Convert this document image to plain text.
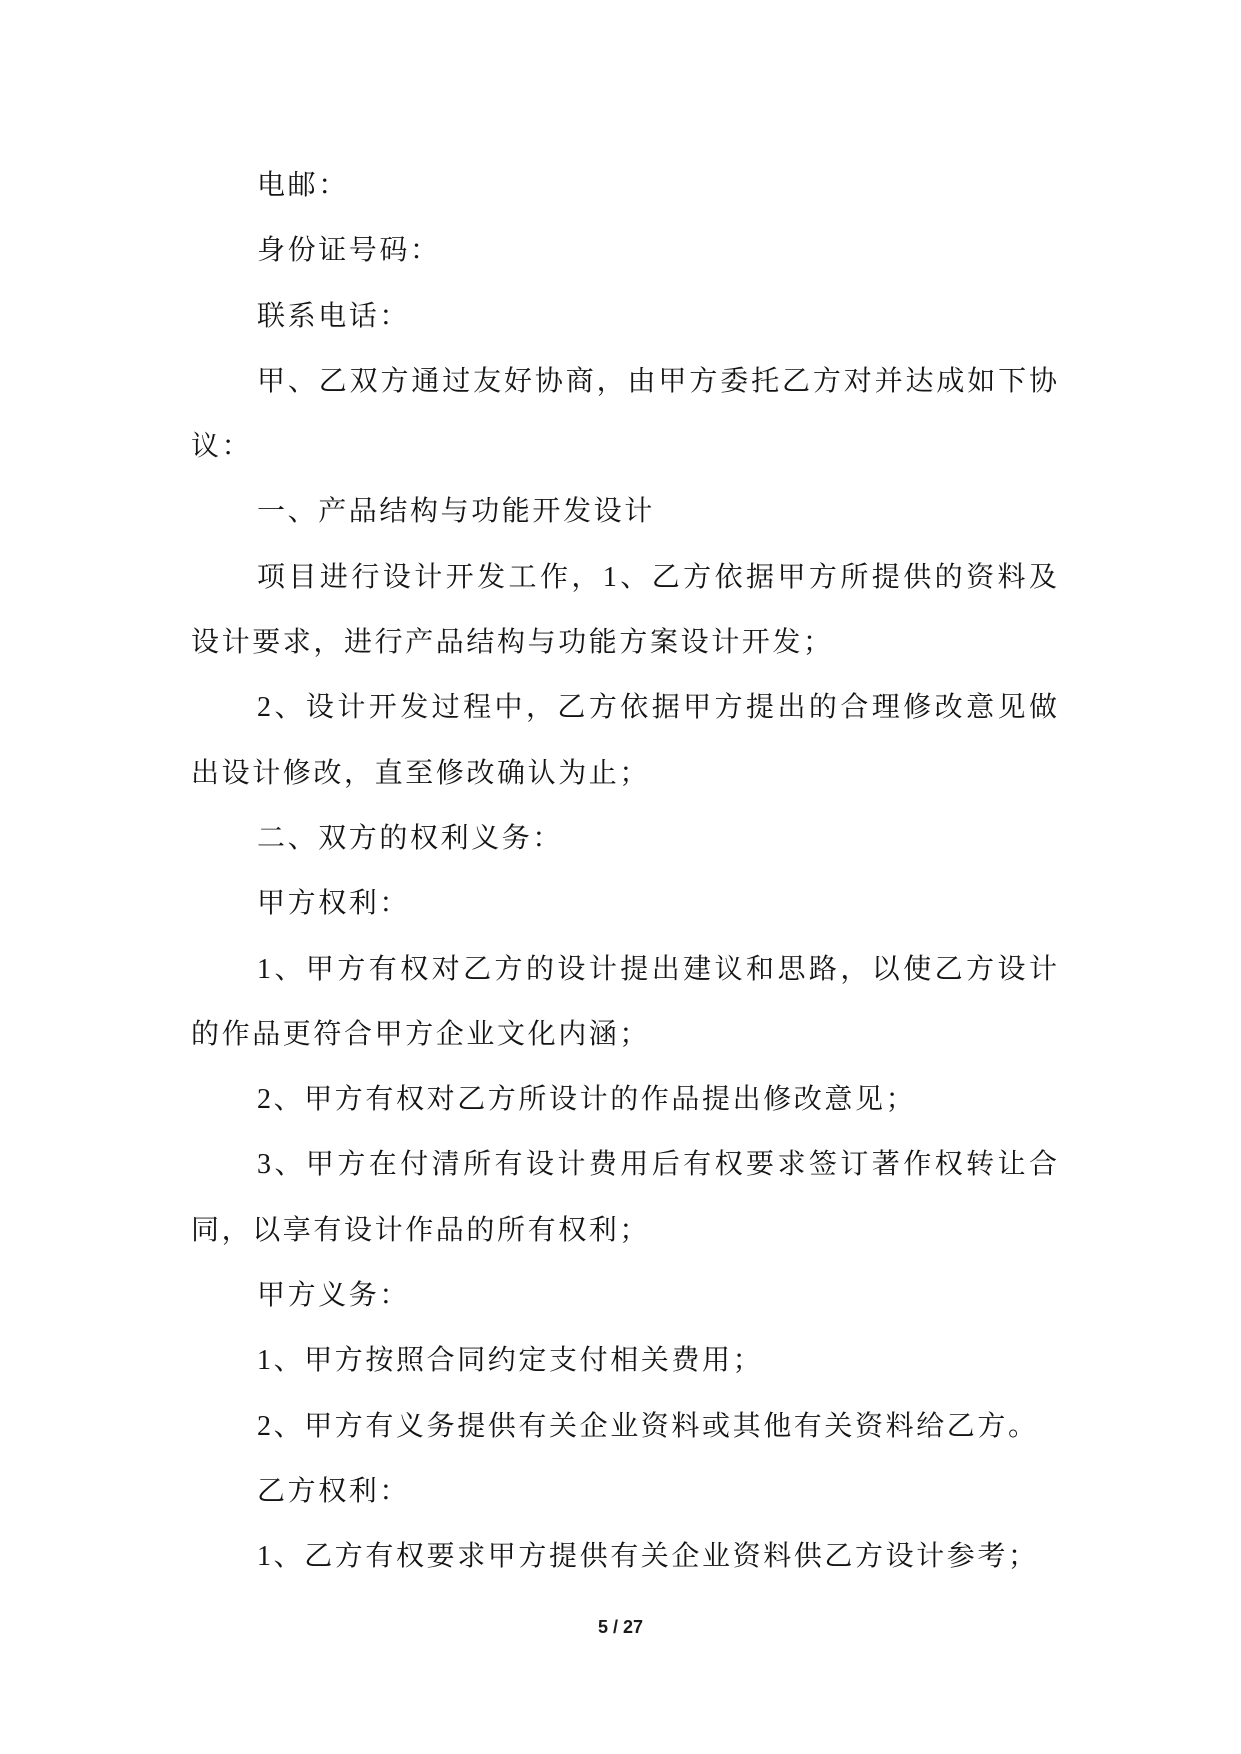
电邮：
身份证号码：
联系电话：
甲、乙双方通过友好协商，由甲方委托乙方对并达成如下协
议：
一、产品结构与功能开发设计
项目进行设计开发工作，1、乙方依据甲方所提供的资料及
设计要求，进行产品结构与功能方案设计开发；
2、设计开发过程中，乙方依据甲方提出的合理修改意见做
出设计修改，直至修改确认为止；
二、双方的权利义务：
甲方权利：
1、甲方有权对乙方的设计提出建议和思路，以使乙方设计
的作品更符合甲方企业文化内涵；
2、甲方有权对乙方所设计的作品提出修改意见；
3、甲方在付清所有设计费用后有权要求签订著作权转让合
同，以享有设计作品的所有权利；
甲方义务：
1、甲方按照合同约定支付相关费用；
2、甲方有义务提供有关企业资料或其他有关资料给乙方。
乙方权利：
1、乙方有权要求甲方提供有关企业资料供乙方设计参考；
5 / 27
